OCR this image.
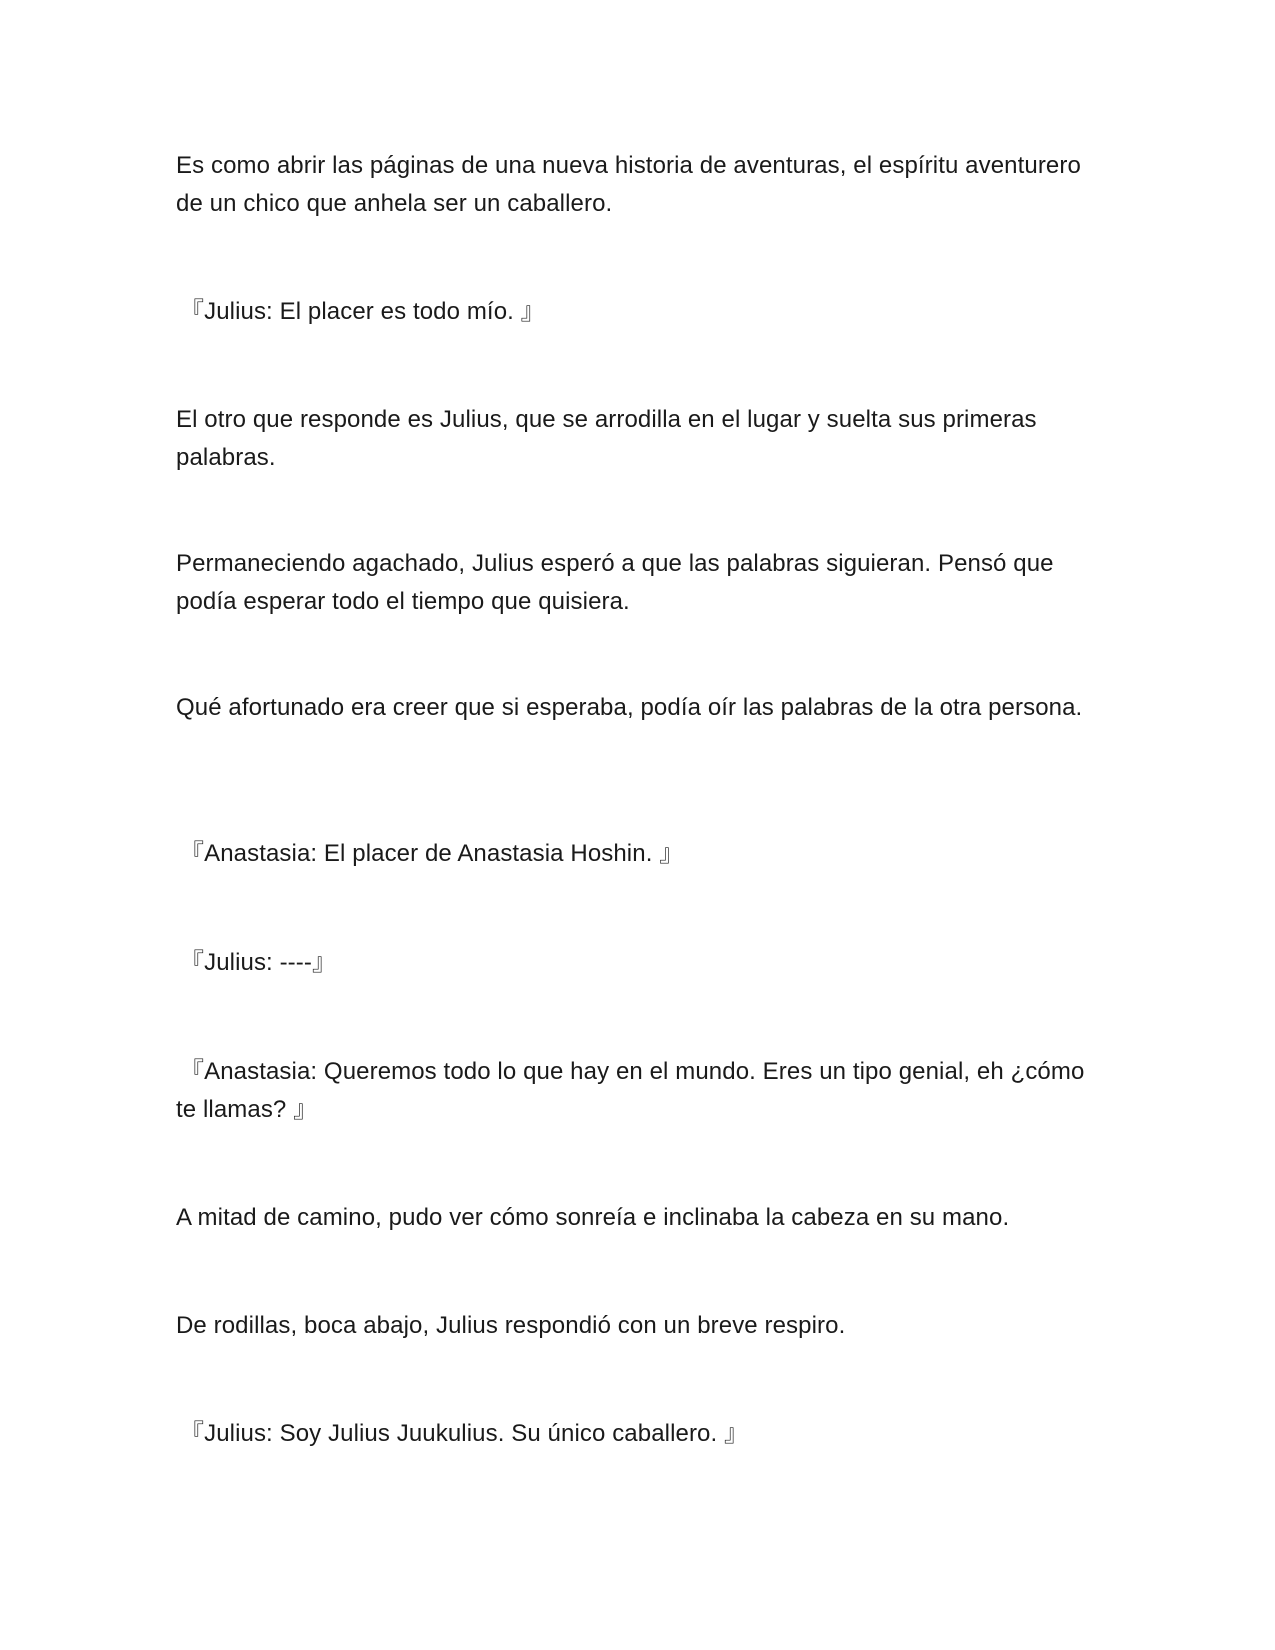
Es como abrir las páginas de una nueva historia de aventuras, el espíritu aventurero de un chico que anhela ser un caballero.

『Julius: El placer es todo mío. 』

El otro que responde es Julius, que se arrodilla en el lugar y suelta sus primeras palabras.

Permaneciendo agachado, Julius esperó a que las palabras siguieran. Pensó que podía esperar todo el tiempo que quisiera.

Qué afortunado era creer que si esperaba, podía oír las palabras de la otra persona.

『Anastasia: El placer de Anastasia Hoshin. 』

『Julius: ----』

『Anastasia: Queremos todo lo que hay en el mundo. Eres un tipo genial, eh ¿cómo te llamas? 』

A mitad de camino, pudo ver cómo sonreía e inclinaba la cabeza en su mano.

De rodillas, boca abajo, Julius respondió con un breve respiro.

『Julius: Soy Julius Juukulius. Su único caballero. 』
